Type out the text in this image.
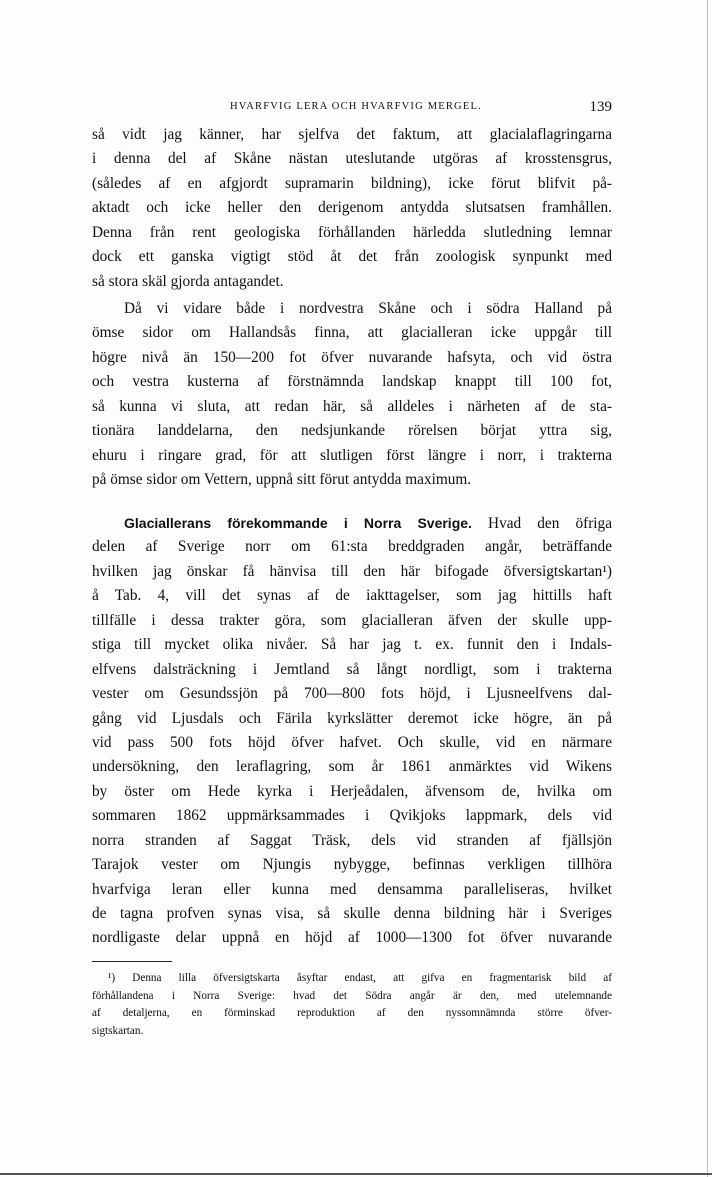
HVARFVIG LERA OCH HVARFVIG MERGEL.	139
så vidt jag känner, har sjelfva det faktum, att glacialaflagringarna
i denna del af Skåne nästan uteslutande utgöras af krosstensgrus,
(således af en afgjordt supramarin bildning), icke förut blifvit på-
aktadt och icke heller den derigenom antydda slutsatsen framhållen.
Denna från rent geologiska förhållanden härledda slutledning lemnar
dock ett ganska vigtigt stöd åt det från zoologisk synpunkt med
så stora skäl gjorda antagandet.
Då vi vidare både i nordvestra Skåne och i södra Halland på
ömse sidor om Hallandsås finna, att glacialleran icke uppgår till
högre nivå än 150—200 fot öfver nuvarande hafsyta, och vid östra
och vestra kusterna af förstnämnda landskap knappt till 100 fot,
så kunna vi sluta, att redan här, så alldeles i närheten af de sta-
tionära landdelarna, den nedsjunkande rörelsen börjat yttra sig,
ehuru i ringare grad, för att slutligen först längre i norr, i trakterna
på ömse sidor om Vettern, uppnå sitt förut antydda maximum.
Glaciallerans förekommande i Norra Sverige. Hvad den öfriga
delen af Sverige norr om 61:sta breddgraden angår, beträffande
hvilken jag önskar få hänvisa till den här bifogade öfversigtskartan¹)
å Tab. 4, vill det synas af de iakttagelser, som jag hittills haft
tillfälle i dessa trakter göra, som glacialleran äfven der skulle upp-
stiga till mycket olika nivåer. Så har jag t. ex. funnit den i Indals-
elfvens dalsträckning i Jemtland så långt nordligt, som i trakterna
vester om Gesundssjön på 700—800 fots höjd, i Ljusneelfvens dal-
gång vid Ljusdals och Färila kyrkslätter deremot icke högre, än på
vid pass 500 fots höjd öfver hafvet. Och skulle, vid en närmare
undersökning, den leraflagring, som år 1861 anmärktes vid Wikens
by öster om Hede kyrka i Herjeådalen, äfvensom de, hvilka om
sommaren 1862 uppmärksammades i Qvikjoks lappmark, dels vid
norra stranden af Saggat Träsk, dels vid stranden af fjällsjön
Tarajok vester om Njungis nybygge, befinnas verkligen tillhöra
hvarfviga leran eller kunna med densamma paralleliseras, hvilket
de tagna profven synas visa, så skulle denna bildning här i Sveriges
nordligaste delar uppnå en höjd af 1000—1300 fot öfver nuvarande
¹) Denna lilla öfversigtskarta åsyftar endast, att gifva en fragmentarisk bild af
förhållandena i Norra Sverige: hvad det Södra angår är den, med utelemnande
af detaljerna, en förminskad reproduktion af den nyssomnämnda större öfver-
sigtskartan.
